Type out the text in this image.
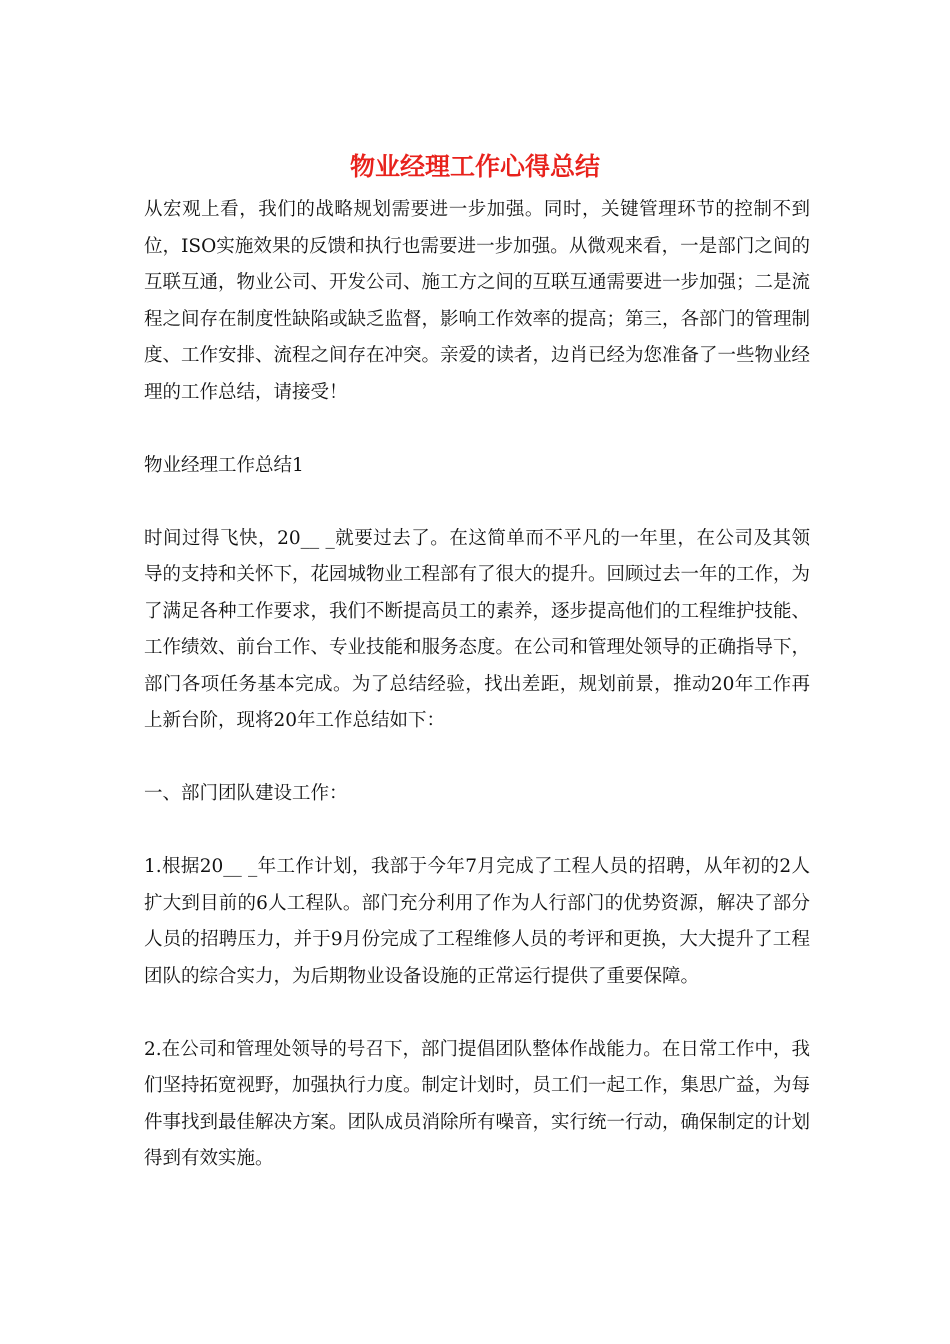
物业经理工作心得总结

从宏观上看，我们的战略规划需要进一步加强。同时，关键管理环节的控制不到位，ISO实施效果的反馈和执行也需要进一步加强。从微观来看，一是部门之间的互联互通，物业公司、开发公司、施工方之间的互联互通需要进一步加强；二是流程之间存在制度性缺陷或缺乏监督，影响工作效率的提高；第三，各部门的管理制度、工作安排、流程之间存在冲突。亲爱的读者，边肖已经为您准备了一些物业经理的工作总结，请接受！

物业经理工作总结1

时间过得飞快，20__ _就要过去了。在这简单而不平凡的一年里，在公司及其领导的支持和关怀下，花园城物业工程部有了很大的提升。回顾过去一年的工作，为了满足各种工作要求，我们不断提高员工的素养，逐步提高他们的工程维护技能、工作绩效、前台工作、专业技能和服务态度。在公司和管理处领导的正确指导下，部门各项任务基本完成。为了总结经验，找出差距，规划前景，推动20年工作再上新台阶，现将20年工作总结如下：

一、部门团队建设工作：

1.根据20__ _年工作计划，我部于今年7月完成了工程人员的招聘，从年初的2人扩大到目前的6人工程队。部门充分利用了作为人行部门的优势资源，解决了部分人员的招聘压力，并于9月份完成了工程维修人员的考评和更换，大大提升了工程团队的综合实力，为后期物业设备设施的正常运行提供了重要保障。

2.在公司和管理处领导的号召下，部门提倡团队整体作战能力。在日常工作中，我们坚持拓宽视野，加强执行力度。制定计划时，员工们一起工作，集思广益，为每件事找到最佳解决方案。团队成员消除所有噪音，实行统一行动，确保制定的计划得到有效实施。
